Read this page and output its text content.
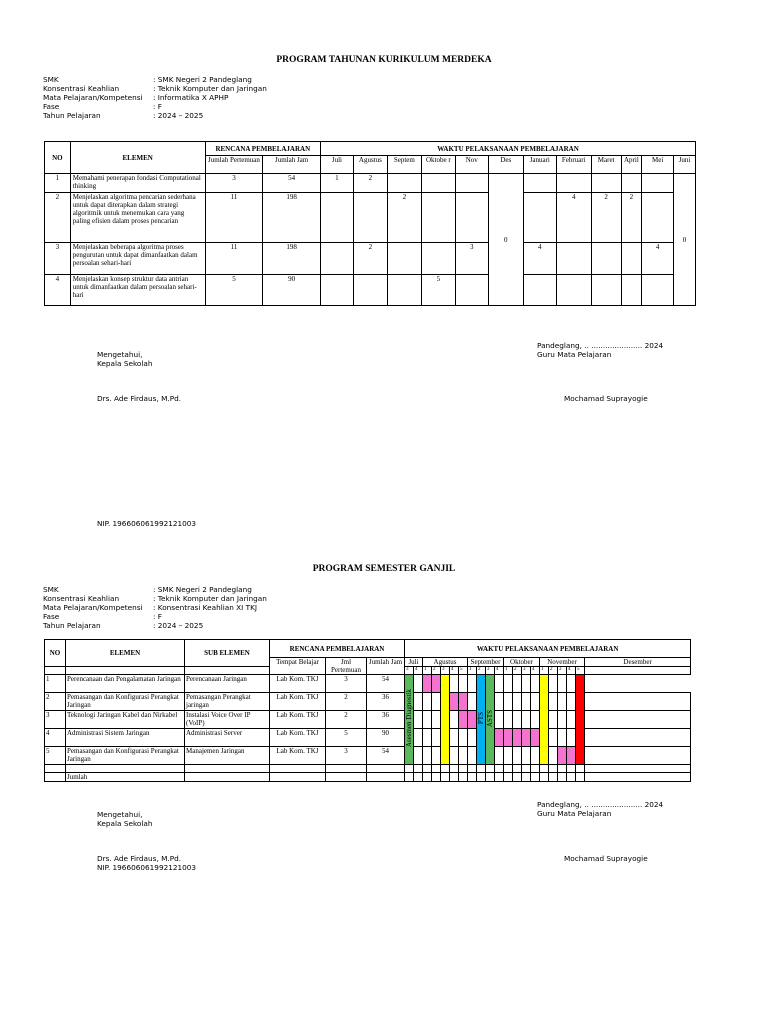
PROGRAM TAHUNAN KURIKULUM MERDEKA
SMK	: SMK Negeri 2 Pandeglang
Konsentrasi Keahlian	: Teknik Komputer dan Jaringan
Mata Pelajaran/Kompetensi	: Informatika X APHP
Fase	: F
Tahun Pelajaran	: 2024 – 2025
NO	ELEMEN	RENCANA PEMBELAJARAN		WAKTU PELAKSANAAN PEMBELAJARAN											
		Jumlah Pertemuan	Jumlah Jam	Juli	Agustus	Septem	Oktobe r	Nov	Des	Januari	Februari	Maret	April	Mei	Juni
1	Memahami penerapan fondasi Computational thinking	3	54	1	2				0						0
2	Menjelaskan algoritma pencarian sederhana untuk dapat diterapkan dalam strategi algoritmik untuk menemukan cara yang paling efisien dalam proses pencarian	11	198			2					4	2	2		
3	Menjelaskan beberapa algoritma proses pengurutan untuk dapat dimanfaatkan dalam persoalan sehari-hari	11	198		2			3		4				4	
4	Menjelaskan konsep struktur data antrian untuk dimanfaatkan dalam persoalan sehari-hari	5	90				5								
Pandeglang, .. ...................... 2024
Guru Mata Pelajaran
Mengetahui,
Kepala Sekolah
Drs. Ade Firdaus, M.Pd.	Mochamad Suprayogie
NIP. 196606061992121003
PROGRAM SEMESTER GANJIL
SMK	: SMK Negeri 2 Pandeglang
Konsentrasi Keahlian	: Teknik Komputer dan Jaringan
Mata Pelajaran/Kompetensi	: Konsentrasi Keahlian XI TKJ
Fase	: F
Tahun Pelajaran	: 2024 – 2025
NO	ELEMEN	SUB ELEMEN	RENCANA PEMBELAJARAN			WAKTU PELAKSANAAN PEMBELAJARAN																				
			Tempat Belajar	Jml Pertemuan	Jumlah Jam	Juli		Agustus					September				Oktober				November					Desember
						3	4	1	2	3	4	5	1	2	3	4	1	2	3	4	1	2	3	4	5	
1	Perencanaan dan Pengalamatan Jaringan	Perencanaan Jaringan	Lab Kom. TKJ	3	54	Asesmen Diagnostik								PTS	ASTS											
2	Pemasangan dan Konfigurasi Perangkat Jaringan	Pemasangan Perangkat jaringan	Lab Kom. TKJ	2	36																					
3	Teknologi Jaringan Kabel dan Nirkabel	Instalasi Voice Over IP (VoIP)	Lab Kom. TKJ	2	36																					
4	Administrasi Sistem Jaringan	Administrasi Server	Lab Kom. TKJ	5	90																					
5	Pemasangan dan Konfigurasi Perangkat Jaringan	Manajemen Jaringan	Lab Kom. TKJ	3	54																					

	Jumlah																									
Pandeglang, .. ...................... 2024
Guru Mata Pelajaran
Mengetahui,
Kepala Sekolah
Drs. Ade Firdaus, M.Pd.
NIP. 196606061992121003
Mochamad Suprayogie
